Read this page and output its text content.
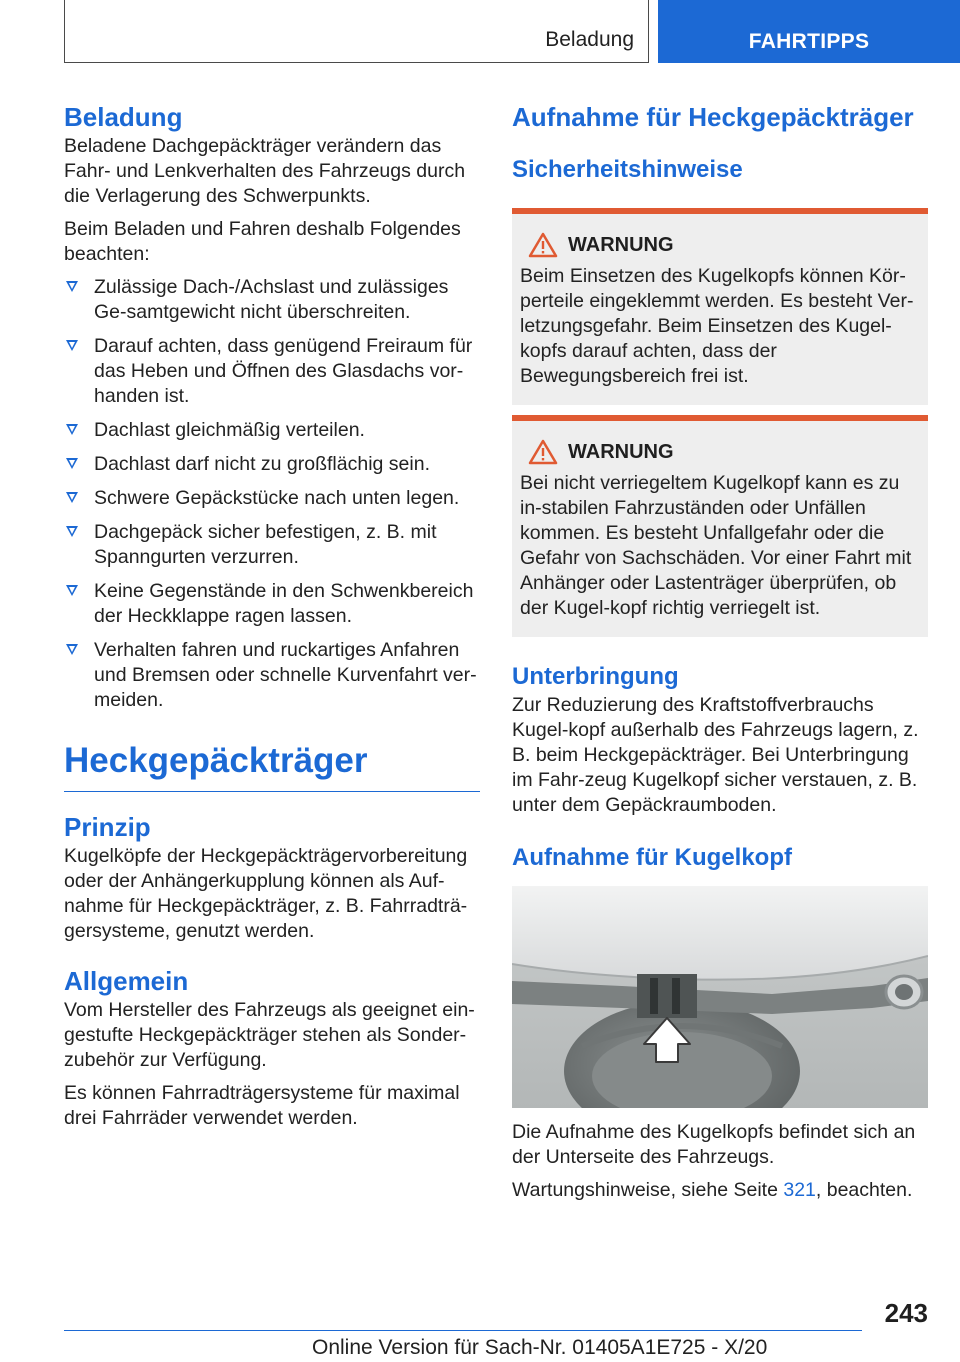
Beladung	FAHRTIPPS
Beladung

Beladene Dachgepäckträger verändern das Fahr- und Lenkverhalten des Fahrzeugs durch die Verlagerung des Schwerpunkts.

Beim Beladen und Fahren deshalb Folgendes beachten:

Zulässige Dach-/Achslast und zulässiges Ge‐samtgewicht nicht überschreiten.
Darauf achten, dass genügend Freiraum für das Heben und Öffnen des Glasdachs vor‐handen ist.
Dachlast gleichmäßig verteilen.
Dachlast darf nicht zu großflächig sein.
Schwere Gepäckstücke nach unten legen.
Dachgepäck sicher befestigen, z. B. mit Spanngurten verzurren.
Keine Gegenstände in den Schwenkbereich der Heckklappe ragen lassen.
Verhalten fahren und ruckartiges Anfahren und Bremsen oder schnelle Kurvenfahrt ver‐meiden.
Heckgepäckträger
Prinzip

Kugelköpfe der Heckgepäckträgervorbereitung oder der Anhängerkupplung können als Auf‐nahme für Heckgepäckträger, z. B. Fahrradträ‐gersysteme, genutzt werden.

Allgemein

Vom Hersteller des Fahrzeugs als geeignet ein‐gestufte Heckgepäckträger stehen als Sonder‐zubehör zur Verfügung.

Es können Fahrradträgersysteme für maximal drei Fahrräder verwendet werden.

Aufnahme für Heckgepäckträger
Sicherheitshinweise
WARNUNG

Beim Einsetzen des Kugelkopfs können Kör‐perteile eingeklemmt werden. Es besteht Ver‐letzungsgefahr. Beim Einsetzen des Kugel‐kopfs darauf achten, dass der Bewegungsbereich frei ist.

WARNUNG

Bei nicht verriegeltem Kugelkopf kann es zu in‐stabilen Fahrzuständen oder Unfällen kommen. Es besteht Unfallgefahr oder die Gefahr von Sachschäden. Vor einer Fahrt mit Anhänger oder Lastenträger überprüfen, ob der Kugel‐kopf richtig verriegelt ist.

Unterbringung

Zur Reduzierung des Kraftstoffverbrauchs Kugel‐kopf außerhalb des Fahrzeugs lagern, z. B. beim Heckgepäckträger. Bei Unterbringung im Fahr‐zeug Kugelkopf sicher verstauen, z. B. unter dem Gepäckraumboden.

Aufnahme für Kugelkopf

Die Aufnahme des Kugelkopfs befindet sich an der Unterseite des Fahrzeugs.

Wartungshinweise, siehe Seite 321, beachten.

243
Online Version für Sach-Nr. 01405A1E725 - X/20
